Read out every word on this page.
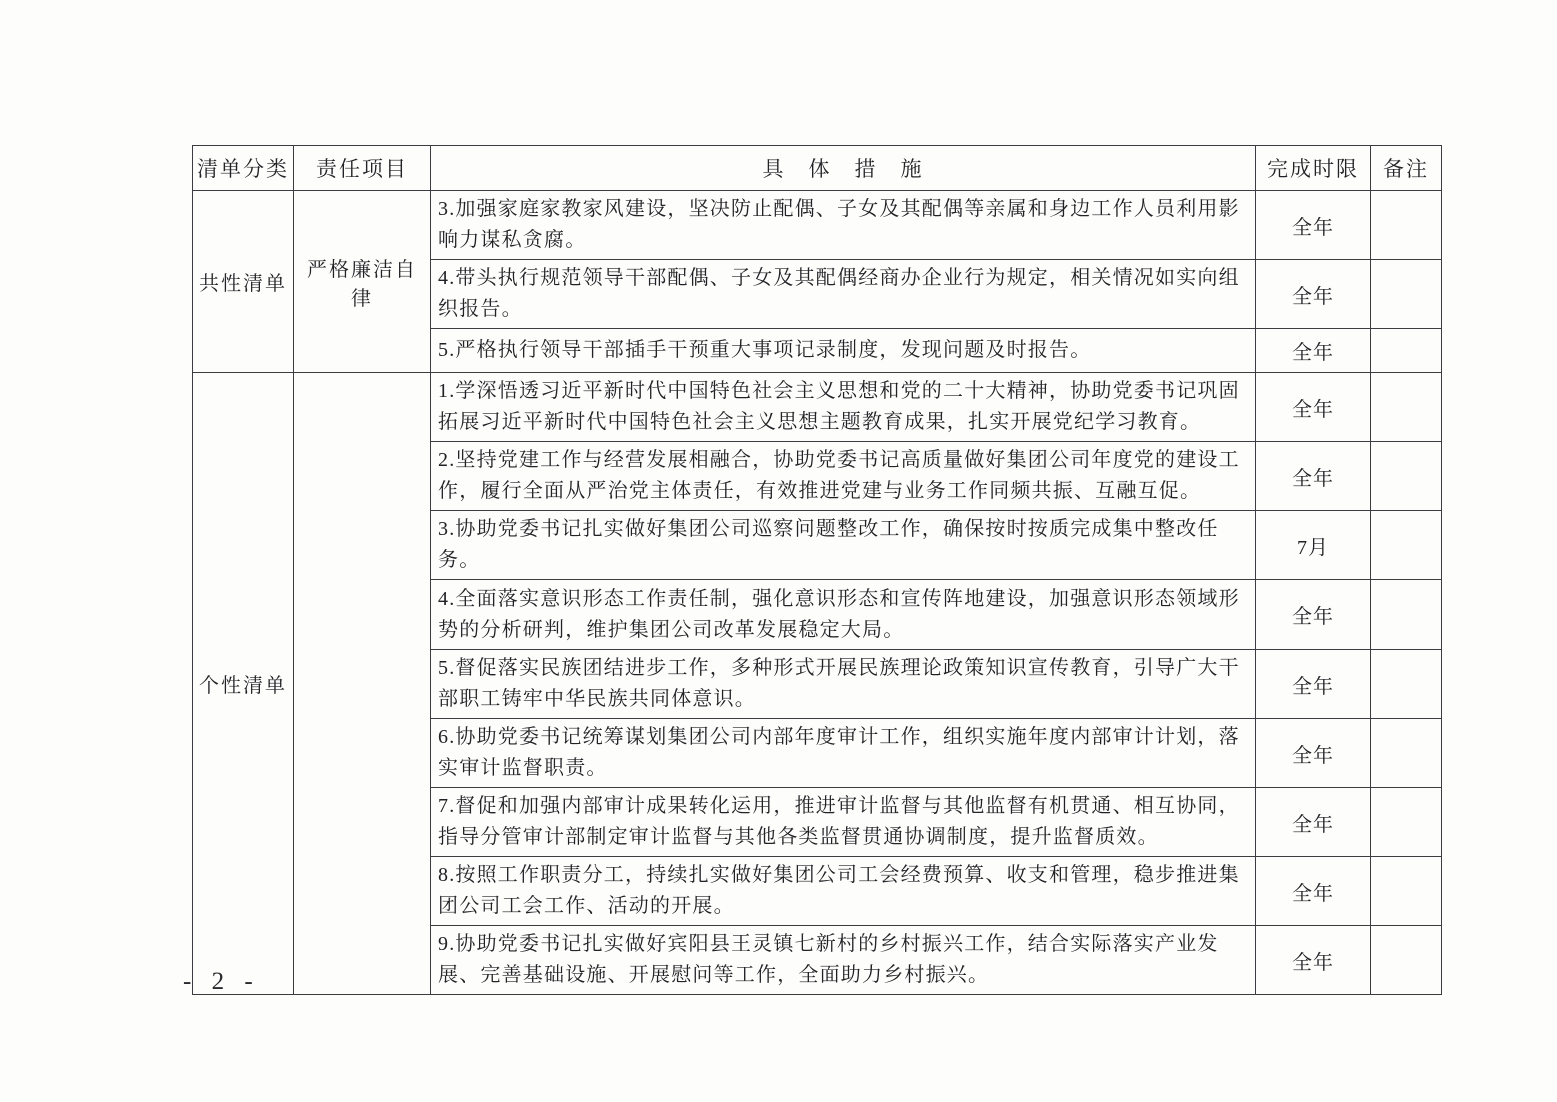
清单分类	责任项目	具　体　措　施	完成时限	备注
共性清单	严格廉洁自律	3.加强家庭家教家风建设，坚决防止配偶、子女及其配偶等亲属和身边工作人员利用影响力谋私贪腐。	全年	
		4.带头执行规范领导干部配偶、子女及其配偶经商办企业行为规定，相关情况如实向组织报告。	全年	
		5.严格执行领导干部插手干预重大事项记录制度，发现问题及时报告。	全年	
个性清单		1.学深悟透习近平新时代中国特色社会主义思想和党的二十大精神，协助党委书记巩固拓展习近平新时代中国特色社会主义思想主题教育成果，扎实开展党纪学习教育。	全年	
		2.坚持党建工作与经营发展相融合，协助党委书记高质量做好集团公司年度党的建设工作，履行全面从严治党主体责任，有效推进党建与业务工作同频共振、互融互促。	全年	
		3.协助党委书记扎实做好集团公司巡察问题整改工作，确保按时按质完成集中整改任务。	7月	
		4.全面落实意识形态工作责任制，强化意识形态和宣传阵地建设，加强意识形态领域形势的分析研判，维护集团公司改革发展稳定大局。	全年	
		5.督促落实民族团结进步工作，多种形式开展民族理论政策知识宣传教育，引导广大干部职工铸牢中华民族共同体意识。	全年	
		6.协助党委书记统筹谋划集团公司内部年度审计工作，组织实施年度内部审计计划，落实审计监督职责。	全年	
		7.督促和加强内部审计成果转化运用，推进审计监督与其他监督有机贯通、相互协同，指导分管审计部制定审计监督与其他各类监督贯通协调制度，提升监督质效。	全年	
		8.按照工作职责分工，持续扎实做好集团公司工会经费预算、收支和管理，稳步推进集团公司工会工作、活动的开展。	全年	
		9.协助党委书记扎实做好宾阳县王灵镇七新村的乡村振兴工作，结合实际落实产业发展、完善基础设施、开展慰问等工作，全面助力乡村振兴。	全年	
- 2 -
